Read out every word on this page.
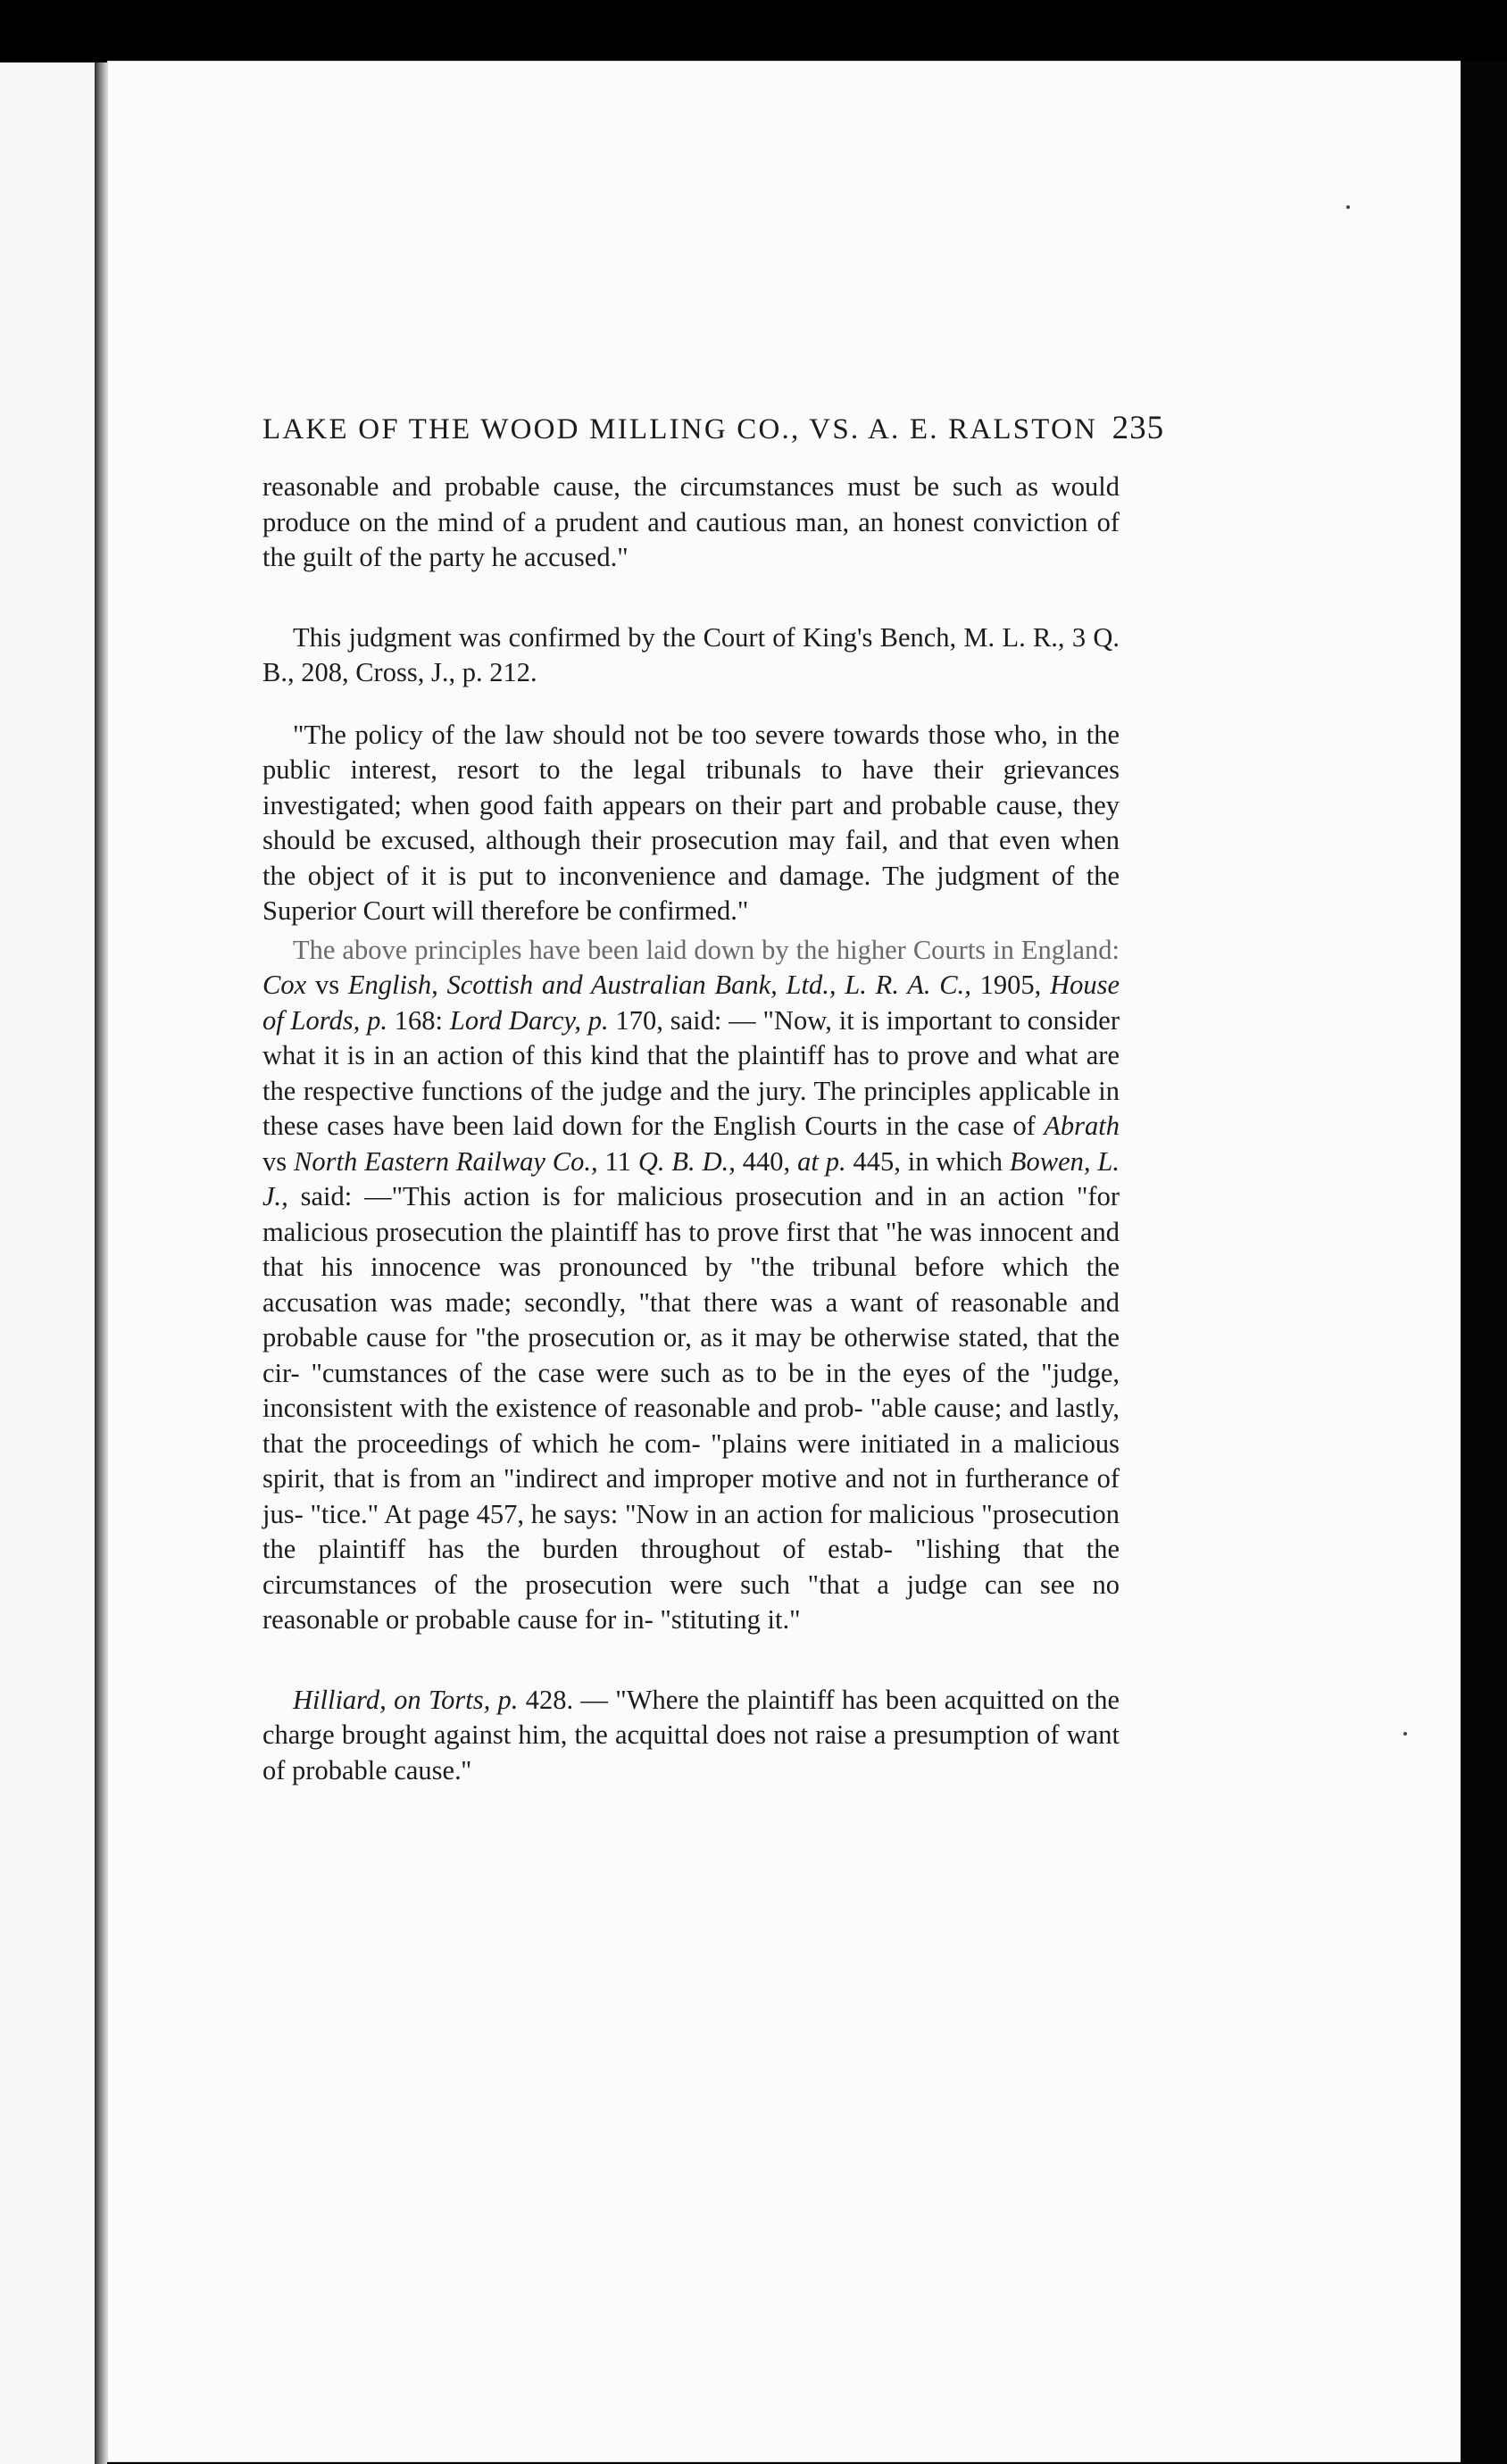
LAKE OF THE WOOD MILLING CO., VS. A. E. RALSTON 235

reasonable and probable cause, the circumstances must be such as would produce on the mind of a prudent and cautious man, an honest conviction of the guilt of the party he accused."

This judgment was confirmed by the Court of King's Bench, M. L. R., 3 Q. B., 208, Cross, J., p. 212.

"The policy of the law should not be too severe towards those who, in the public interest, resort to the legal tribunals to have their grievances investigated; when good faith appears on their part and probable cause, they should be excused, although their prosecution may fail, and that even when the object of it is put to inconvenience and damage. The judgment of the Superior Court will therefore be confirmed."

The above principles have been laid down by the higher Courts in England: Cox vs English, Scottish and Australian Bank, Ltd., L. R. A. C., 1905, House of Lords, p. 168: Lord Darcy, p. 170, said: — "Now, it is important to consider what it is in an action of this kind that the plaintiff has to prove and what are the respective functions of the judge and the jury. The principles applicable in these cases have been laid down for the English Courts in the case of Abrath vs North Eastern Railway Co., 11 Q. B. D., 440, at p. 445, in which Bowen, L. J., said: —"This action is for malicious prosecution and in an action "for malicious prosecution the plaintiff has to prove first that "he was innocent and that his innocence was pronounced by "the tribunal before which the accusation was made; secondly, "that there was a want of reasonable and probable cause for "the prosecution or, as it may be otherwise stated, that the cir- "cumstances of the case were such as to be in the eyes of the "judge, inconsistent with the existence of reasonable and prob- "able cause; and lastly, that the proceedings of which he com- "plains were initiated in a malicious spirit, that is from an "indirect and improper motive and not in furtherance of jus- "tice." At page 457, he says: "Now in an action for malicious "prosecution the plaintiff has the burden throughout of estab- "lishing that the circumstances of the prosecution were such "that a judge can see no reasonable or probable cause for in- "stituting it."

Hilliard, on Torts, p. 428. — "Where the plaintiff has been acquitted on the charge brought against him, the acquittal does not raise a presumption of want of probable cause.''
